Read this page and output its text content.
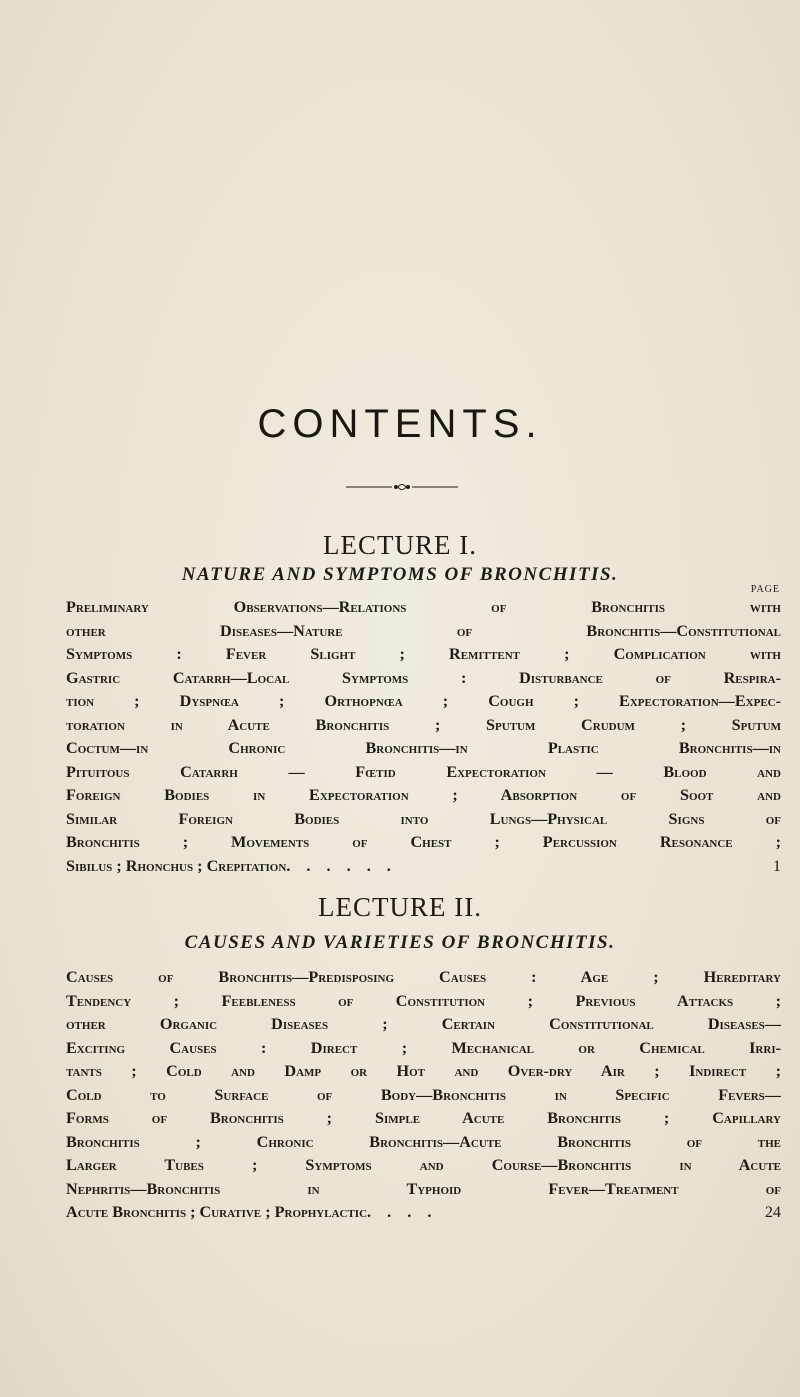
CONTENTS.
LECTURE I.
NATURE AND SYMPTOMS OF BRONCHITIS.
PAGE
Preliminary Observations—Relations of Bronchitis with
other Diseases—Nature of Bronchitis—Constitutional
Symptoms : Fever Slight ; Remittent ; Complication with
Gastric Catarrh—Local Symptoms : Disturbance of Respira-
tion ; Dyspnœa ; Orthopnœa ; Cough ; Expectoration—Expec-
toration in Acute Bronchitis ; Sputum Crudum ; Sputum
Coctum—in Chronic Bronchitis—in Plastic Bronchitis—in
Pituitous Catarrh — Fœtid Expectoration — Blood and
Foreign Bodies in Expectoration ; Absorption of Soot and
Similar Foreign Bodies into Lungs—Physical Signs of
Bronchitis ; Movements of Chest ; Percussion Resonance ;
Sibilus ; Rhonchus ; Crepitation . . . . . .	1
LECTURE II.
CAUSES AND VARIETIES OF BRONCHITIS.
Causes of Bronchitis—Predisposing Causes : Age ; Hereditary
Tendency ; Feebleness of Constitution ; Previous Attacks ;
other Organic Diseases ; Certain Constitutional Diseases—
Exciting Causes : Direct ; Mechanical or Chemical Irri-
tants ; Cold and Damp or Hot and Over-dry Air ; Indirect ;
Cold to Surface of Body—Bronchitis in Specific Fevers—
Forms of Bronchitis ; Simple Acute Bronchitis ; Capillary
Bronchitis ; Chronic Bronchitis—Acute Bronchitis of the
Larger Tubes ; Symptoms and Course—Bronchitis in Acute
Nephritis—Bronchitis in Typhoid Fever—Treatment of
Acute Bronchitis ; Curative ; Prophylactic . . . .	24
